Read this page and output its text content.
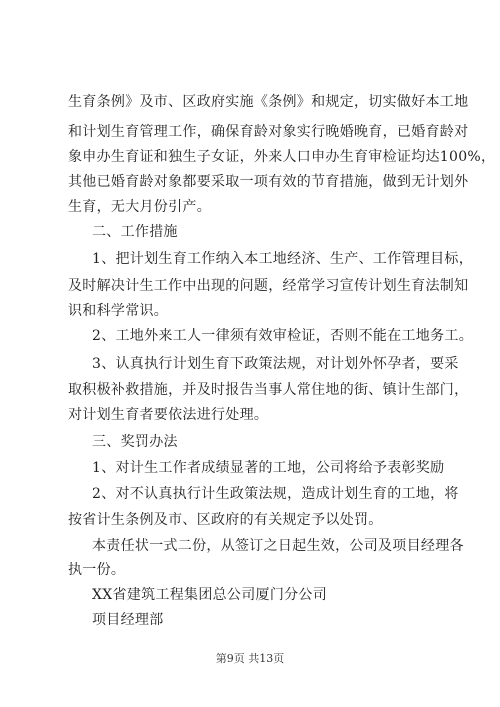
生育条例》及市、区政府实施《条例》和规定，切实做好本工地
和计划生育管理工作，确保育龄对象实行晚婚晚育，已婚育龄对
象申办生育证和独生子女证，外来人口申办生育审检证均达100%，
其他已婚育龄对象都要采取一项有效的节育措施，做到无计划外
生育，无大月份引产。
二、工作措施
1、把计划生育工作纳入本工地经济、生产、工作管理目标，
及时解决计生工作中出现的问题，经常学习宣传计划生育法制知
识和科学常识。
2、工地外来工人一律须有效审检证，否则不能在工地务工。
3、认真执行计划生育下政策法规，对计划外怀孕者，要采
取积极补救措施，并及时报告当事人常住地的街、镇计生部门，
对计划生育者要依法进行处理。
三、奖罚办法
1、对计生工作者成绩显著的工地，公司将给予表彰奖励
2、对不认真执行计生政策法规，造成计划生育的工地，将
按省计生条例及市、区政府的有关规定予以处罚。
本责任状一式二份，从签订之日起生效，公司及项目经理各
执一份。
XX省建筑工程集团总公司厦门分公司
项目经理部
第9页 共13页
